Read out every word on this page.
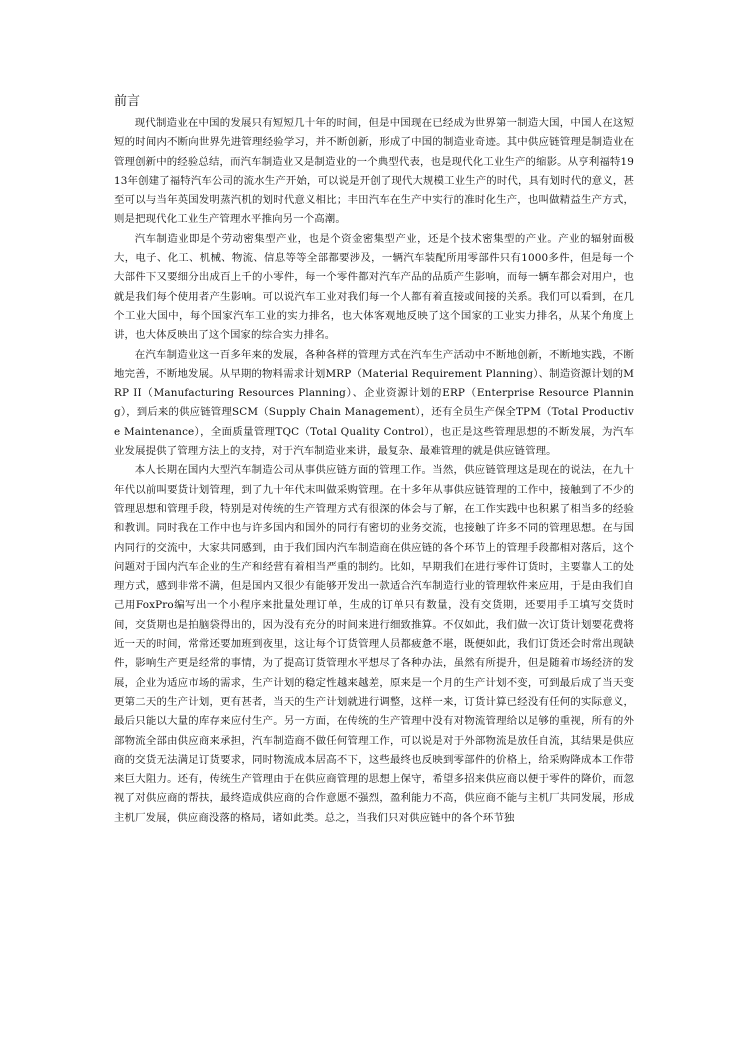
前言

现代制造业在中国的发展只有短短几十年的时间，但是中国现在已经成为世界第一制造大国，中国人在这短短的时间内不断向世界先进管理经验学习，并不断创新，形成了中国的制造业奇迹。其中供应链管理是制造业在管理创新中的经验总结，而汽车制造业又是制造业的一个典型代表，也是现代化工业生产的缩影。从亨利福特1913年创建了福特汽车公司的流水生产开始，可以说是开创了现代大规模工业生产的时代，具有划时代的意义，甚至可以与当年英国发明蒸汽机的划时代意义相比；丰田汽车在生产中实行的准时化生产，也叫做精益生产方式，则是把现代化工业生产管理水平推向另一个高潮。

汽车制造业即是个劳动密集型产业，也是个资金密集型产业，还是个技术密集型的产业。产业的辐射面极大，电子、化工、机械、物流、信息等等全部都要涉及，一辆汽车装配所用零部件只有1000多件，但是每一个大部件下又要细分出成百上千的小零件，每一个零件都对汽车产品的品质产生影响，而每一辆车都会对用户，也就是我们每个使用者产生影响。可以说汽车工业对我们每一个人都有着直接或间接的关系。我们可以看到，在几个工业大国中，每个国家汽车工业的实力排名，也大体客观地反映了这个国家的工业实力排名，从某个角度上讲，也大体反映出了这个国家的综合实力排名。

在汽车制造业这一百多年来的发展，各种各样的管理方式在汽车生产活动中不断地创新，不断地实践，不断地完善，不断地发展。从早期的物料需求计划MRP（Material Requirement Planning）、制造资源计划的MRP II（Manufacturing Resources Planning）、企业资源计划的ERP（Enterprise Resource Planning），到后来的供应链管理SCM（Supply Chain Management），还有全员生产保全TPM（Total Productive Maintenance），全面质量管理TQC（Total Quality Control），也正是这些管理思想的不断发展，为汽车业发展提供了管理方法上的支持，对于汽车制造业来讲，最复杂、最难管理的就是供应链管理。

本人长期在国内大型汽车制造公司从事供应链方面的管理工作。当然，供应链管理这是现在的说法，在九十年代以前叫要货计划管理，到了九十年代末叫做采购管理。在十多年从事供应链管理的工作中，接触到了不少的管理思想和管理手段，特别是对传统的生产管理方式有很深的体会与了解，在工作实践中也积累了相当多的经验和教训。同时我在工作中也与许多国内和国外的同行有密切的业务交流，也接触了许多不同的管理思想。在与国内同行的交流中，大家共同感到，由于我们国内汽车制造商在供应链的各个环节上的管理手段都相对落后，这个问题对于国内汽车企业的生产和经营有着相当严重的制约。比如，早期我们在进行零件订货时，主要靠人工的处理方式，感到非常不满，但是国内又很少有能够开发出一款适合汽车制造行业的管理软件来应用，于是由我们自己用FoxPro编写出一个小程序来批量处理订单，生成的订单只有数量，没有交货期，还要用手工填写交货时间，交货期也是拍脑袋得出的，因为没有充分的时间来进行细致推算。不仅如此，我们做一次订货计划要花费将近一天的时间，常常还要加班到夜里，这让每个订货管理人员都疲惫不堪，既便如此，我们订货还会时常出现缺件，影响生产更是经常的事情，为了提高订货管理水平想尽了各种办法，虽然有所提升，但是随着市场经济的发展，企业为适应市场的需求，生产计划的稳定性越来越差，原来是一个月的生产计划不变，可到最后成了当天变更第二天的生产计划，更有甚者，当天的生产计划就进行调整，这样一来，订货计算已经没有任何的实际意义，最后只能以大量的库存来应付生产。另一方面，在传统的生产管理中没有对物流管理给以足够的重视，所有的外部物流全部由供应商来承担，汽车制造商不做任何管理工作，可以说是对于外部物流是放任自流，其结果是供应商的交货无法满足订货要求，同时物流成本居高不下，这些最终也反映到零部件的价格上，给采购降成本工作带来巨大阻力。还有，传统生产管理由于在供应商管理的思想上保守，希望多招来供应商以便于零件的降价，而忽视了对供应商的帮扶，最终造成供应商的合作意愿不强烈，盈利能力不高，供应商不能与主机厂共同发展，形成主机厂发展，供应商没落的格局，诸如此类。总之，当我们只对供应链中的各个环节独
